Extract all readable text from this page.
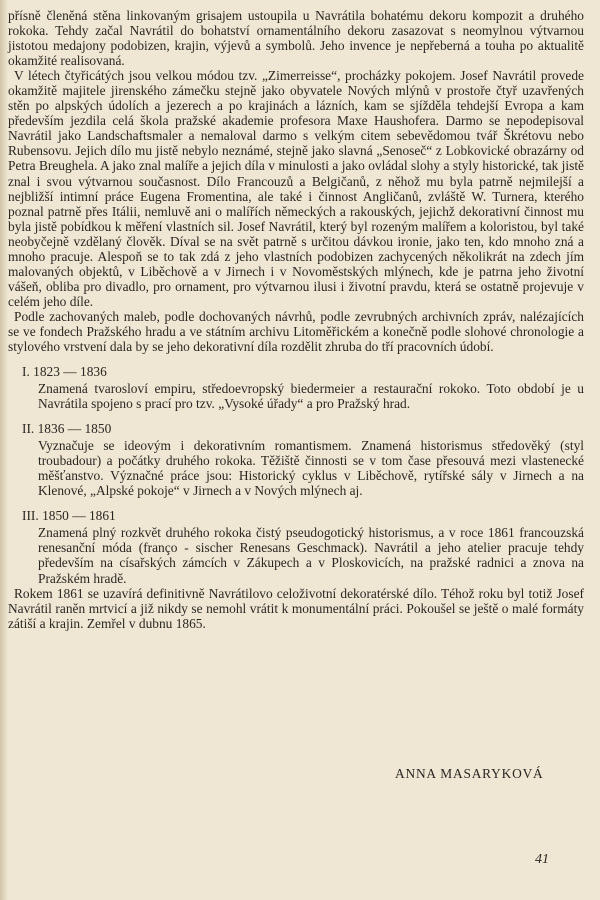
přísně členěná stěna linkovaným grisajem ustoupila u Navrátila bohatému dekoru kompozit a druhého rokoka. Tehdy začal Navrátil do bohatství ornamentálního dekoru zasazovat s neomylnou výtvarnou jistotou medajony podobizen, krajin, výjevů a symbolů. Jeho invence je nepřeberná a touha po aktualitě okamžité realisovaná.

V létech čtyřicátých jsou velkou módou tzv. „Zimerreisse“, procházky pokojem. Josef Navrátil provede okamžitě majitele jirenského zámečku stejně jako obyvatele Nových mlýnů v prostoře čtyř uzavřených stěn po alpských údolích a jezerech a po krajinách a lázních, kam se sjížděla tehdejší Evropa a kam především jezdila celá škola pražské akademie profesora Maxe Haushofera. Darmo se nepodepisoval Navrátil jako Landschaftsmaler a nemaloval darmo s velkým citem sebevědomou tvář Škrétovu nebo Rubensovu. Jejich dílo mu jistě nebylo neznámé, stejně jako slavná „Senoseč“ z Lobkovické obrazárny od Petra Breughela. A jako znal malíře a jejich díla v minulosti a jako ovládal slohy a styly historické, tak jistě znal i svou výtvarnou současnost. Dílo Francouzů a Belgičanů, z něhož mu byla patrně nejmilejší a nejbližší intimní práce Eugena Fromentina, ale také i činnost Angličanů, zvláště W. Turnera, kterého poznal patrně přes Itálii, nemluvě ani o malířích německých a rakouských, jejichž dekorativní činnost mu byla jistě pobídkou k měření vlastních sil. Josef Navrátil, který byl rozeným malířem a koloristou, byl také neobyčejně vzdělaný člověk. Díval se na svět patrně s určitou dávkou ironie, jako ten, kdo mnoho zná a mnoho pracuje. Alespoň se to tak zdá z jeho vlastních podobizen zachycených několikrát na zdech jím malovaných objektů, v Liběchově a v Jirnech i v Novoměstských mlýnech, kde je patrna jeho životní vášeň, obliba pro divadlo, pro ornament, pro výtvarnou ilusi i životní pravdu, která se ostatně projevuje v celém jeho díle.

Podle zachovaných maleb, podle dochovaných návrhů, podle zevrubných archivních zpráv, nalézajících se ve fondech Pražského hradu a ve státním archivu Litoměřickém a konečně podle slohové chronologie a stylového vrstvení dala by se jeho dekorativní díla rozdělit zhruba do tří pracovních údobí.

I. 1823 — 1836
Znamená tvarosloví empiru, středoevropský biedermeier a restaurační rokoko. Toto období je u Navrátila spojeno s prací pro tzv. „Vysoké úřady“ a pro Pražský hrad.
II. 1836 — 1850
Vyznačuje se ideovým i dekorativním romantismem. Znamená historismus středověký (styl troubadour) a počátky druhého rokoka. Těžiště činnosti se v tom čase přesouvá mezi vlastenecké měšťanstvo. Význačné práce jsou: Historický cyklus v Liběchově, rytířské sály v Jirnech a na Klenové, „Alpské pokoje“ v Jirnech a v Nových mlýnech aj.
III. 1850 — 1861
Znamená plný rozkvět druhého rokoka čistý pseudogotický historismus, a v roce 1861 francouzská renesanční móda (franço - sischer Renesans Geschmack). Navrátil a jeho atelier pracuje tehdy především na císařských zámcích v Zákupech a v Ploskovicích, na pražské radnici a znova na Pražském hradě.

Rokem 1861 se uzavírá definitivně Navrátilovo celoživotní dekoratérské dílo. Téhož roku byl totiž Josef Navrátil raněn mrtvicí a již nikdy se nemohl vrátit k monumentální práci. Pokoušel se ještě o malé formáty zátiší a krajin. Zemřel v dubnu 1865.

ANNA MASARYKOVÁ
41
